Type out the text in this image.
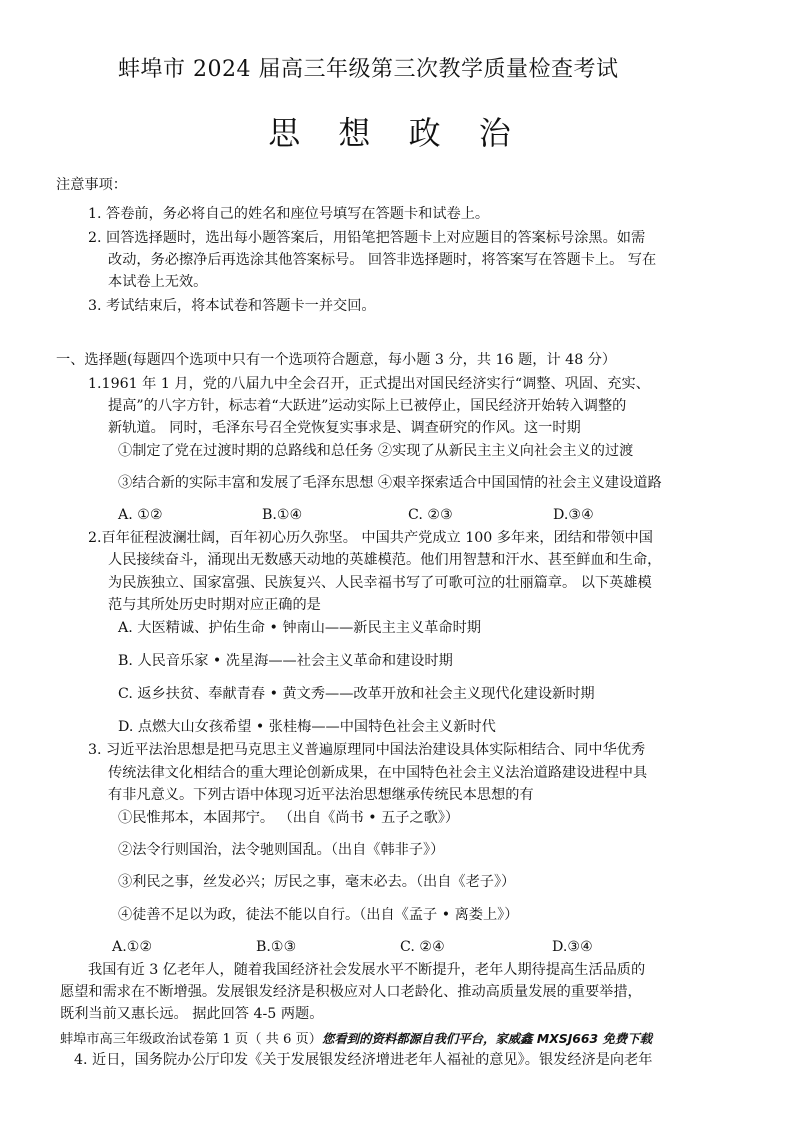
蚌埠市 2024 届高三年级第三次教学质量检查考试
思 想 政 治
注意事项：
1. 答卷前，务必将自己的姓名和座位号填写在答题卡和试卷上。
2. 回答选择题时，选出每小题答案后，用铅笔把答题卡上对应题目的答案标号涂黑。如需
改动，务必擦净后再选涂其他答案标号。 回答非选择题时，将答案写在答题卡上。 写在
本试卷上无效。
3. 考试结束后，将本试卷和答题卡一并交回。
一、选择题(每题四个选项中只有一个选项符合题意，每小题 3 分，共 16 题，计 48 分）
1.1961 年 1 月，党的八届九中全会召开，正式提出对国民经济实行“调整、巩固、充实、
提高”的八字方针，标志着“大跃进”运动实际上已被停止，国民经济开始转入调整的
新轨道。 同时，毛泽东号召全党恢复实事求是、调查研究的作风。这一时期
①制定了党在过渡时期的总路线和总任务 ②实现了从新民主主义向社会主义的过渡
③结合新的实际丰富和发展了毛泽东思想 ④艰辛探索适合中国国情的社会主义建设道路
A. ①②	B.①④	C. ②③	D.③④
2.百年征程波澜壮阔，百年初心历久弥坚。 中国共产党成立 100 多年来，团结和带领中国
人民接续奋斗，涌现出无数感天动地的英雄模范。他们用智慧和汗水、甚至鲜血和生命，
为民族独立、国家富强、民族复兴、人民幸福书写了可歌可泣的壮丽篇章。 以下英雄模
范与其所处历史时期对应正确的是
A. 大医精诚、护佑生命 • 钟南山——新民主主义革命时期
B. 人民音乐家 • 冼星海——社会主义革命和建设时期
C. 返乡扶贫、奉献青春 • 黄文秀——改革开放和社会主义现代化建设新时期
D. 点燃大山女孩希望 • 张桂梅——中国特色社会主义新时代
3. 习近平法治思想是把马克思主义普遍原理同中国法治建设具体实际相结合、同中华优秀
传统法律文化相结合的重大理论创新成果，在中国特色社会主义法治道路建设进程中具
有非凡意义。下列古语中体现习近平法治思想继承传统民本思想的有
①民惟邦本，本固邦宁。 （出自《尚书 • 五子之歌》）
②法令行则国治，法令驰则国乱。（出自《韩非子》）
③利民之事，丝发必兴；厉民之事，毫末必去。（出自《老子》）
④徒善不足以为政，徒法不能以自行。（出自《孟子 • 离娄上》）
A.①②	B.①③	C. ②④	D.③④
我国有近 3 亿老年人，随着我国经济社会发展水平不断提升，老年人期待提高生活品质的
愿望和需求在不断增强。发展银发经济是积极应对人口老龄化、推动高质量发展的重要举措，
既利当前又惠长远。 据此回答 4-5 两题。
蚌埠市高三年级政治试卷第 1 页（ 共 6 页）您看到的资料都源自我们平台，家威鑫 MXSJ663 免费下载
4. 近日，国务院办公厅印发《关于发展银发经济增进老年人福祉的意见》。银发经济是向老年
